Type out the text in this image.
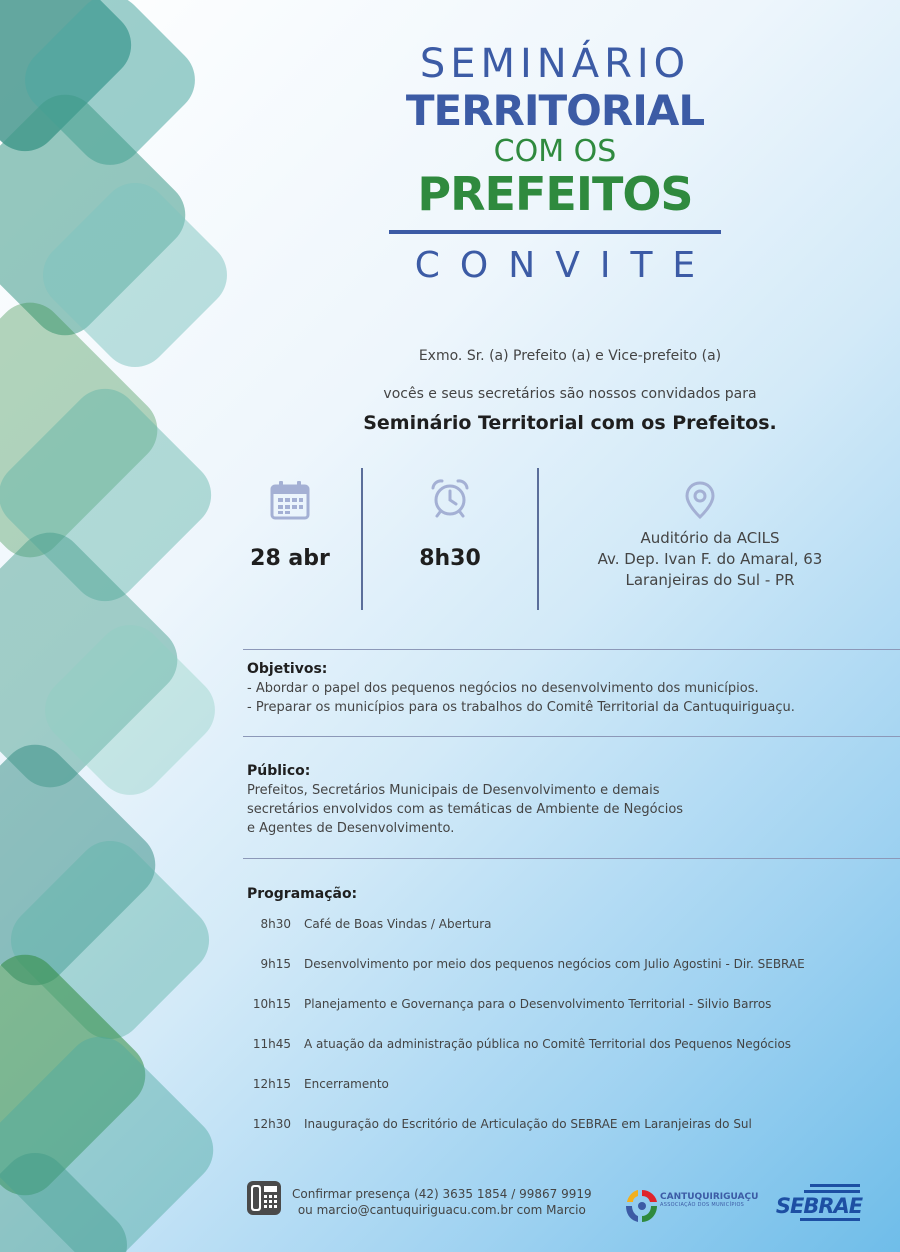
SEMINÁRIO
TERRITORIAL
COM OS
PREFEITOS
CONVITE
Exmo. Sr. (a) Prefeito (a) e Vice-prefeito (a)
vocês e seus secretários são nossos convidados para
Seminário Territorial com os Prefeitos.
28 abr	8h30
Auditório da ACILS
Av. Dep. Ivan F. do Amaral, 63
Laranjeiras do Sul - PR
Objetivos:
- Abordar o papel dos pequenos negócios no desenvolvimento dos municípios.
- Preparar os municípios para os trabalhos do Comitê Territorial da Cantuquiriguaçu.
Público:
Prefeitos, Secretários Municipais de Desenvolvimento e demais
secretários envolvidos com as temáticas de Ambiente de Negócios
e Agentes de Desenvolvimento.
Programação:
8h30 Café de Boas Vindas / Abertura
9h15 Desenvolvimento por meio dos pequenos negócios com Julio Agostini - Dir. SEBRAE
10h15 Planejamento e Governança para o Desenvolvimento Territorial - Silvio Barros
11h45 A atuação da administração pública no Comitê Territorial dos Pequenos Negócios
12h15 Encerramento
12h30 Inauguração do Escritório de Articulação do SEBRAE em Laranjeiras do Sul
Confirmar presença (42) 3635 1854 / 99867 9919
ou marcio@cantuquiriguacu.com.br com Marcio
CANTUQUIRIGUAÇU
ASSOCIAÇÃO DOS MUNICÍPIOS	SEBRAE
